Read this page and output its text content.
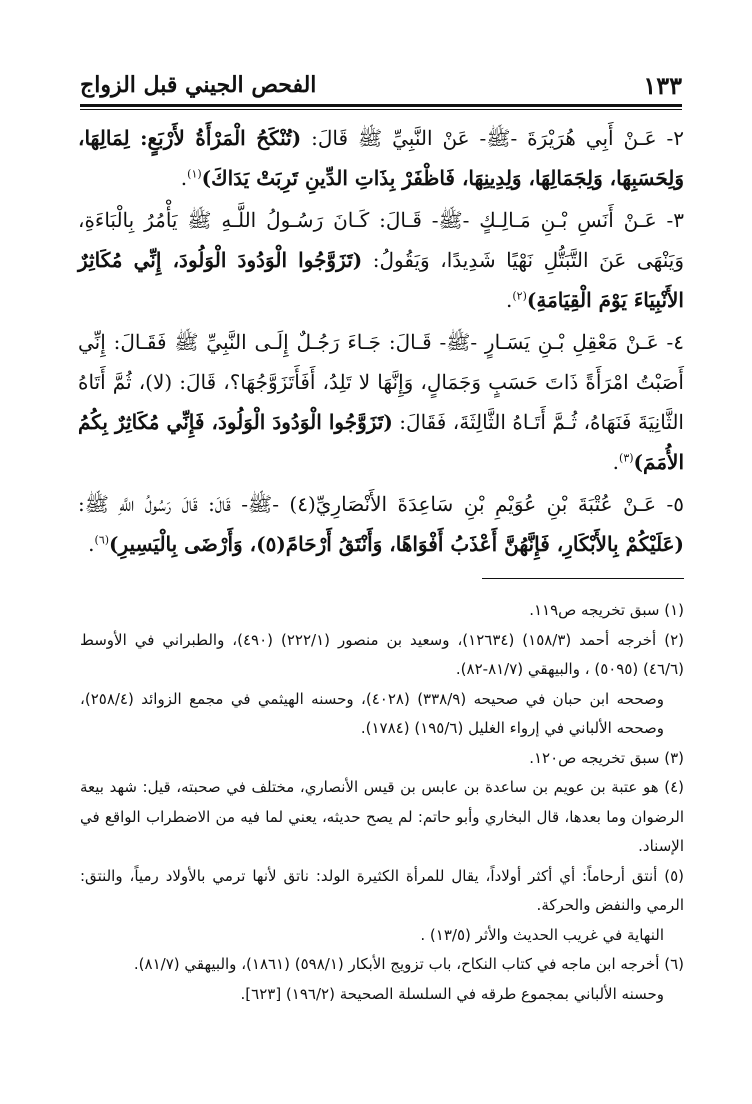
الفحص الجيني قبل الزواج	١٣٣

٢- عَـنْ أَبِي هُرَيْرَةَ -ﷺ- عَنْ النَّبِيِّ ﷺ قَالَ: (تُنْكَحُ الْمَرْأَةُ لأَرْبَعٍ: لِمَالِهَا، وَلِحَسَبِهَا، وَلِجَمَالِهَا، وَلِدِينِهَا، فَاظْفَرْ بِذَاتِ الدِّينِ تَرِبَتْ يَدَاكَ)$^{(١)}$.

٣- عَـنْ أَنَسِ بْـنِ مَـالِـكٍ -ﷺ- قَـالَ: كَـانَ رَسُـولُ اللَّـهِ ﷺ يَأْمُرُ بِالْبَاءَةِ، وَيَنْهَى عَنَ التَّبَتُّلِ نَهْيًا شَدِيدًا، وَيَقُولُ: (تَزَوَّجُوا الْوَدُودَ الْوَلُودَ، إِنِّي مُكَاثِرٌ الأَنْبِيَاءَ يَوْمَ الْقِيَامَةِ)$^{(٢)}$.

٤- عَـنْ مَعْقِلِ بْـنِ يَسَـارٍ -ﷺ- قَـالَ: جَـاءَ رَجُـلٌ إِلَـى النَّبِيِّ ﷺ فَقَـالَ: إِنِّي أَصَبْتُ امْرَأَةً ذَاتَ حَسَبٍ وَجَمَالٍ، وَإِنَّهَا لا تَلِدُ، أَفَأَتَزَوَّجُهَا؟، قَالَ: (لا)، ثُمَّ أَتَاهُ الثَّانِيَةَ فَنَهَاهُ، ثُـمَّ أَتَـاهُ الثَّالِثَةَ، فَقَالَ: (تَزَوَّجُوا الْوَدُودَ الْوَلُودَ، فَإِنِّي مُكَاثِرٌ بِكُمُ الأُمَمَ)$^{(٣)}$.

٥- عَـنْ عُتْبَةَ بْنِ عُوَيْمِ بْنِ سَاعِدَةَ الأَنْصَارِيِّ(٤) -ﷺ- قَالَ: قَالَ رَسُولُ اللَّهِ ﷺ: (عَلَيْكُمْ بِالأَبْكَارِ، فَإِنَّهُنَّ أَعْذَبُ أَفْوَاهًا، وَأَنْتَقُ أَرْحَامً(٥)، وَأَرْضَى بِالْيَسِيرِ)$^{(٦)}$.

(١) سبق تخريجه ص١١٩.

(٢) أخرجه أحمد (١٥٨/٣) (١٢٦٣٤)، وسعيد بن منصور (٢٢٢/١) (٤٩٠)، والطبراني في الأوسط (٤٦/٦) (٥٠٩٥) ، والبيهقي (٨١/٧-٨٢).

وصححه ابن حبان في صحيحه (٣٣٨/٩) (٤٠٢٨)، وحسنه الهيثمي في مجمع الزوائد (٢٥٨/٤)، وصححه الألباني في إرواء الغليل (١٩٥/٦) (١٧٨٤).

(٣) سبق تخريجه ص١٢٠.

(٤) هو عتبة بن عويم بن ساعدة بن عابس بن قيس الأنصاري، مختلف في صحبته، قيل: شهد بيعة الرضوان وما بعدها، قال البخاري وأبو حاتم: لم يصح حديثه، يعني لما فيه من الاضطراب الواقع في الإسناد.

(٥) أنتق أرحاماً: أي أكثر أولاداً، يقال للمرأة الكثيرة الولد: ناتق لأنها ترمي بالأولاد رمياً، والنتق: الرمي والنفض والحركة.

النهاية في غريب الحديث والأثر (١٣/٥) .

(٦) أخرجه ابن ماجه في كتاب النكاح، باب تزويج الأبكار (٥٩٨/١) (١٨٦١)، والبيهقي (٨١/٧).

وحسنه الألباني بمجموع طرقه في السلسلة الصحيحة (١٩٦/٢) [٦٢٣].
